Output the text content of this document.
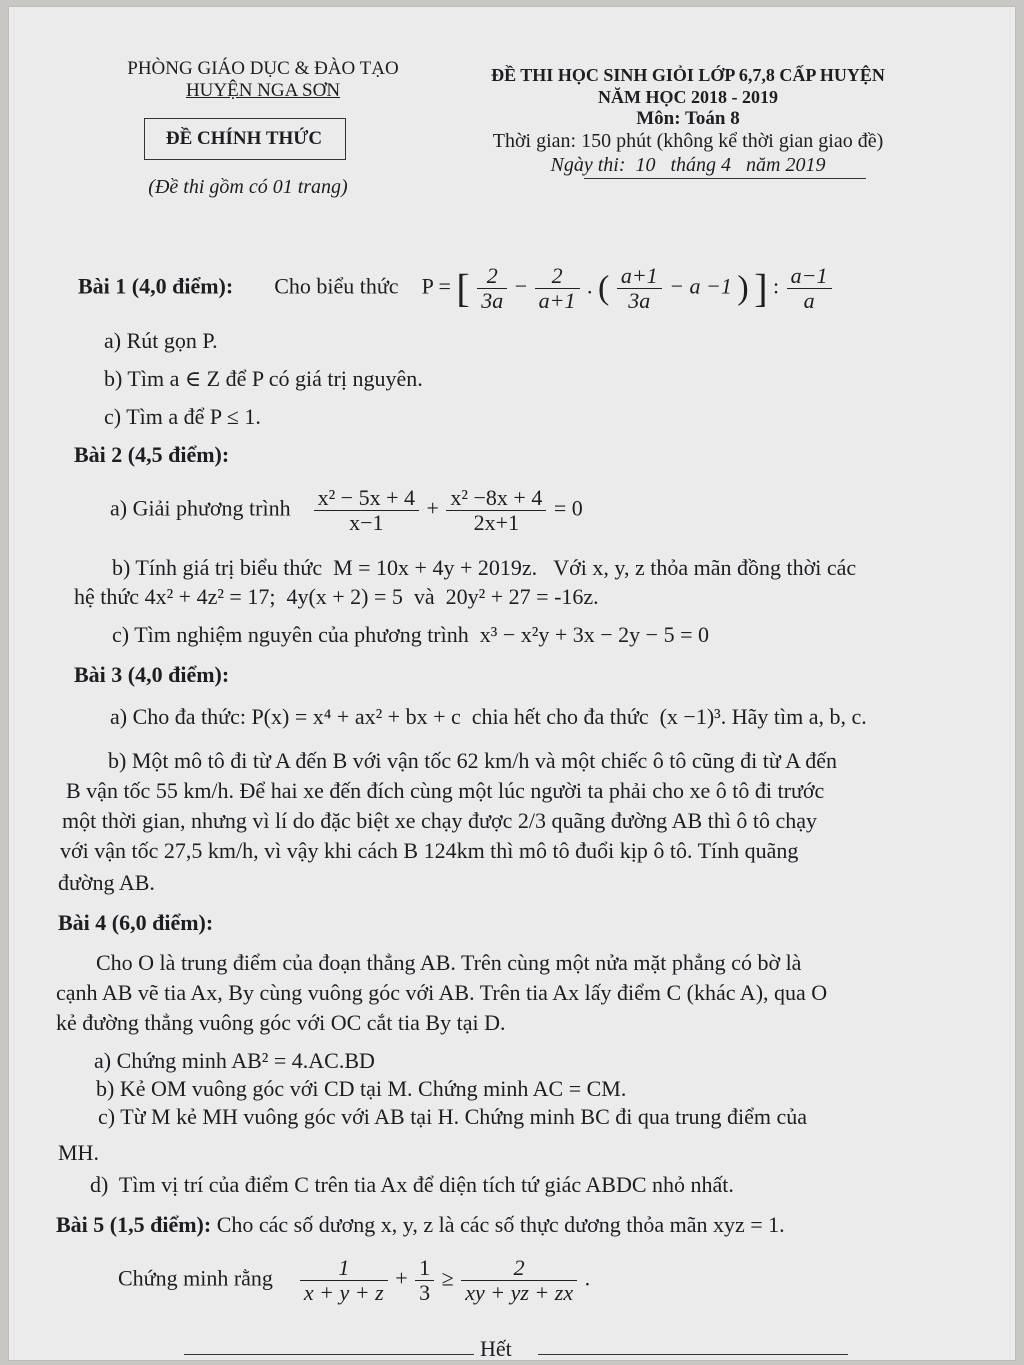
PHÒNG GIÁO DỤC & ĐÀO TẠO
HUYỆN NGA SƠN
ĐỀ CHÍNH THỨC
(Đề thi gồm có 01 trang)
ĐỀ THI HỌC SINH GIỎI LỚP 6,7,8 CẤP HUYỆN
NĂM HỌC 2018 - 2019
Môn: Toán 8
Thời gian: 150 phút (không kể thời gian giao đề)
Ngày thi:  10   tháng 4   năm 2019
Bài 1 (4,0 điểm): Cho biểu thức P = [ $\frac{2}{3a} - \frac{2}{a+1}$ . ( $\frac{a+1}{3a} - a -1$ ) ] : $\frac{a-1}{a}$
a) Rút gọn P.
b) Tìm a ∈ Z để P có giá trị nguyên.
c) Tìm a để P ≤ 1.
Bài 2 (4,5 điểm):
a) Giải phương trình $\frac{\text{x² − 5x + 4}}{x-1} + \frac{\text{x² −8x + 4}}{2x+1} = 0$
b) Tính giá trị biểu thức  M = 10x + 4y + 2019z.   Với x, y, z thỏa mãn đồng thời các
hệ thức 4x² + 4z² = 17;  4y(x + 2) = 5  và  20y² + 27 = -16z.
c) Tìm nghiệm nguyên của phương trình  x³ − x²y + 3x − 2y − 5 = 0
Bài 3 (4,0 điểm):
a) Cho đa thức: P(x) = x⁴ + ax² + bx + c  chia hết cho đa thức  (x −1)³. Hãy tìm a, b, c.
b) Một mô tô đi từ A đến B với vận tốc 62 km/h và một chiếc ô tô cũng đi từ A đến
B vận tốc 55 km/h. Để hai xe đến đích cùng một lúc người ta phải cho xe ô tô đi trước
một thời gian, nhưng vì lí do đặc biệt xe chạy được 2/3 quãng đường AB thì ô tô chạy
với vận tốc 27,5 km/h, vì vậy khi cách B 124km thì mô tô đuổi kịp ô tô. Tính quãng
đường AB.
Bài 4 (6,0 điểm):
Cho O là trung điểm của đoạn thẳng AB. Trên cùng một nửa mặt phẳng có bờ là
cạnh AB vẽ tia Ax, By cùng vuông góc với AB. Trên tia Ax lấy điểm C (khác A), qua O
kẻ đường thẳng vuông góc với OC cắt tia By tại D.
a) Chứng minh AB² = 4.AC.BD
b) Kẻ OM vuông góc với CD tại M. Chứng minh AC = CM.
c) Từ M kẻ MH vuông góc với AB tại H. Chứng minh BC đi qua trung điểm của
MH.
d)  Tìm vị trí của điểm C trên tia Ax để diện tích tứ giác ABDC nhỏ nhất.
Bài 5 (1,5 điểm): Cho các số dương x, y, z là các số thực dương thỏa mãn xyz = 1.
Chứng minh rằng $\frac{1}{x + y + z} + \frac{1}{3} \ge \frac{2}{xy + yz + zx}$ .
Hết
